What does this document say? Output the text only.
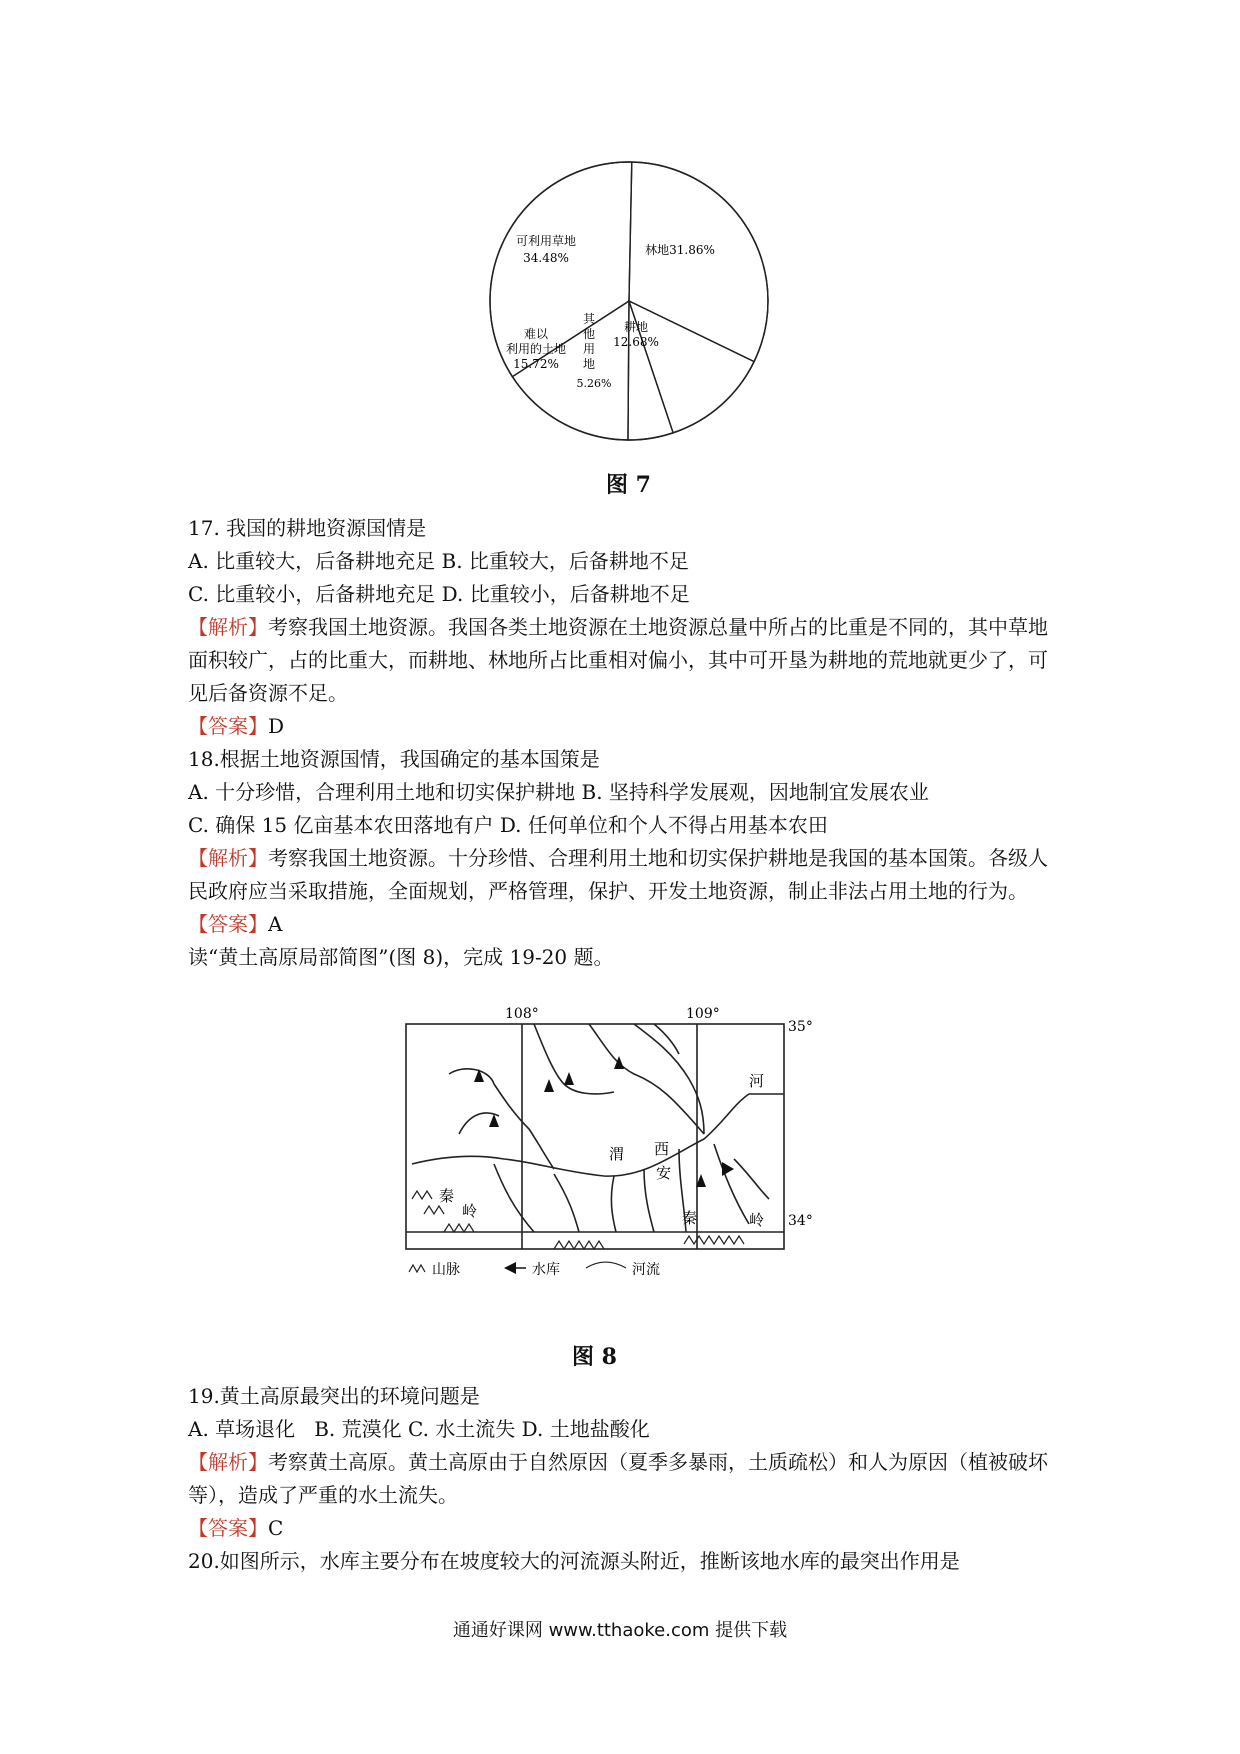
可利用草地
34.48%
林地31.86%
耕地
12.68%
其
他
用
地
5.26%
难以
利用的土地
15.72%
图 7

17. 我国的耕地资源国情是

A. 比重较大，后备耕地充足 B. 比重较大，后备耕地不足

C. 比重较小，后备耕地充足 D. 比重较小，后备耕地不足

【解析】考察我国土地资源。我国各类土地资源在土地资源总量中所占的比重是不同的，其中草地面积较广，占的比重大，而耕地、林地所占比重相对偏小，其中可开垦为耕地的荒地就更少了，可见后备资源不足。

【答案】D

18.根据土地资源国情，我国确定的基本国策是

A. 十分珍惜，合理利用土地和切实保护耕地 B. 坚持科学发展观，因地制宜发展农业

C. 确保 15 亿亩基本农田落地有户 D. 任何单位和个人不得占用基本农田

【解析】考察我国土地资源。十分珍惜、合理利用土地和切实保护耕地是我国的基本国策。各级人民政府应当采取措施，全面规划，严格管理，保护、开发土地资源，制止非法占用土地的行为。

【答案】A

读“黄土高原局部简图”(图 8)，完成 19-20 题。

108°	109°
35°
34°
河
渭 西
安
秦
岭	秦	岭
山脉	水库	河流
图 8

19.黄土高原最突出的环境问题是

A. 草场退化   B. 荒漠化 C. 水土流失 D. 土地盐酸化

【解析】考察黄土高原。黄土高原由于自然原因（夏季多暴雨，土质疏松）和人为原因（植被破坏等），造成了严重的水土流失。

【答案】C

20.如图所示，水库主要分布在坡度较大的河流源头附近，推断该地水库的最突出作用是

通通好课网 www.tthaoke.com 提供下载
